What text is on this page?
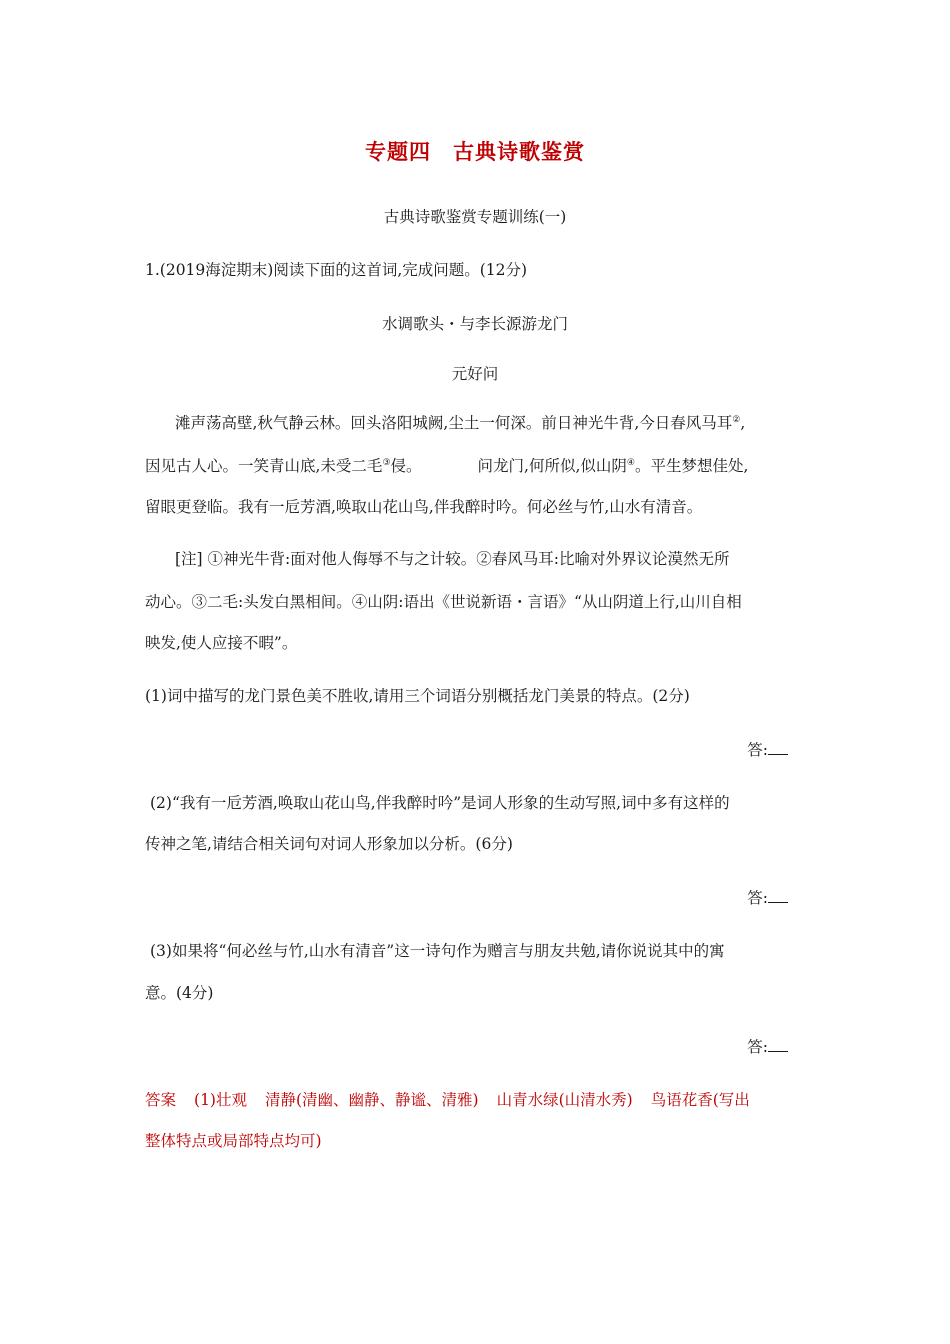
专题四 古典诗歌鉴赏
古典诗歌鉴赏专题训练(一)
1.(2019海淀期末)阅读下面的这首词,完成问题。(12分)
水调歌头・与李长源游龙门
元好问
滩声荡高壁,秋气静云林。回头洛阳城阙,尘土一何深。前日神光牛背,今日春风马耳②,
因见古人心。一笑青山底,未受二毛③侵。	问龙门,何所似,似山阴④。平生梦想佳处,
留眼更登临。我有一卮芳酒,唤取山花山鸟,伴我醉时吟。何必丝与竹,山水有清音。
[注] ①神光牛背:面对他人侮辱不与之计较。②春风马耳:比喻对外界议论漠然无所
动心。③二毛:头发白黑相间。④山阴:语出《世说新语・言语》“从山阴道上行,山川自相
映发,使人应接不暇”。
(1)词中描写的龙门景色美不胜收,请用三个词语分别概括龙门美景的特点。(2分)
答:
(2)“我有一卮芳酒,唤取山花山鸟,伴我醉时吟”是词人形象的生动写照,词中多有这样的
传神之笔,请结合相关词句对词人形象加以分析。(6分)
答:
(3)如果将“何必丝与竹,山水有清音”这一诗句作为赠言与朋友共勉,请你说说其中的寓
意。(4分)
答:
答案 (1)壮观 清静(清幽、幽静、静谧、清雅) 山青水绿(山清水秀) 鸟语花香(写出
整体特点或局部特点均可)
